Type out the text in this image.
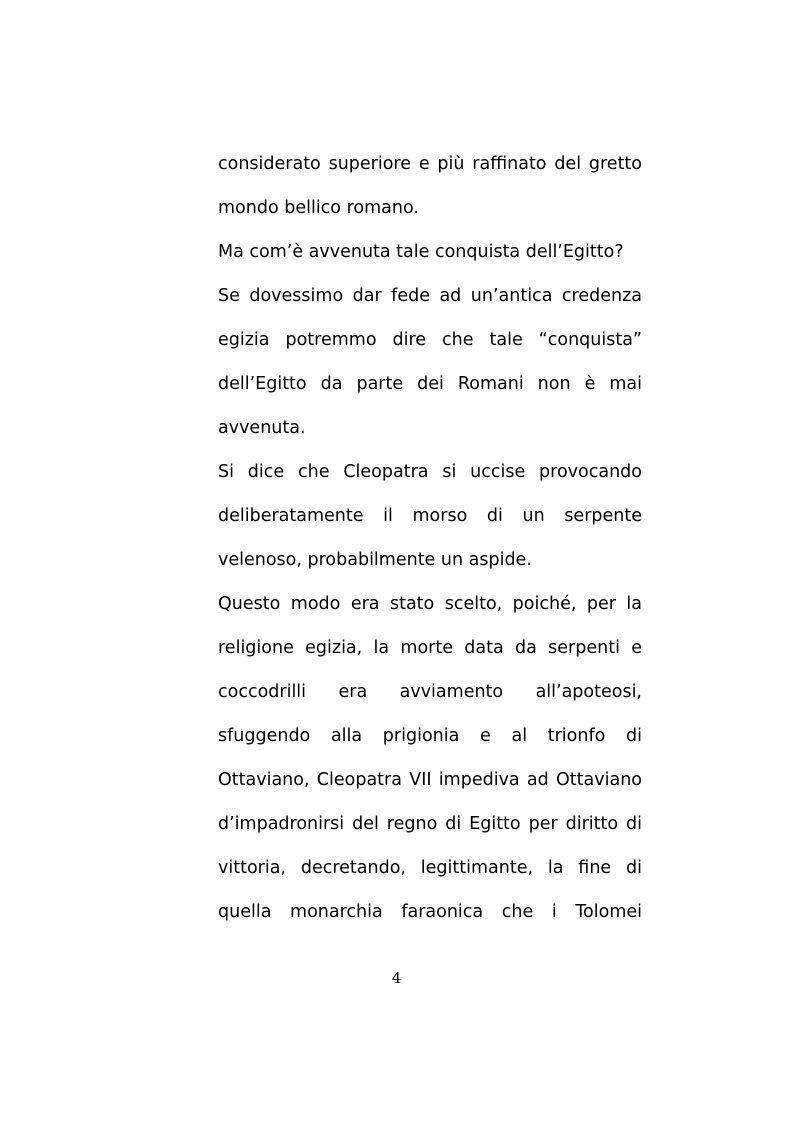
considerato superiore e più raffinato del gretto
mondo bellico romano.
Ma com’è avvenuta tale conquista dell’Egitto?
Se dovessimo dar fede ad un’antica credenza
egizia potremmo dire che tale “conquista”
dell’Egitto da parte dei Romani non è mai
avvenuta.
Si dice che Cleopatra si uccise provocando
deliberatamente il morso di un serpente
velenoso, probabilmente un aspide.
Questo modo era stato scelto, poiché, per la
religione egizia, la morte data da serpenti e
coccodrilli era avviamento all’apoteosi,
sfuggendo alla prigionia e al trionfo di
Ottaviano, Cleopatra VII impediva ad Ottaviano
d’impadronirsi del regno di Egitto per diritto di
vittoria, decretando, legittimante, la fine di
quella monarchia faraonica che i Tolomei
4
